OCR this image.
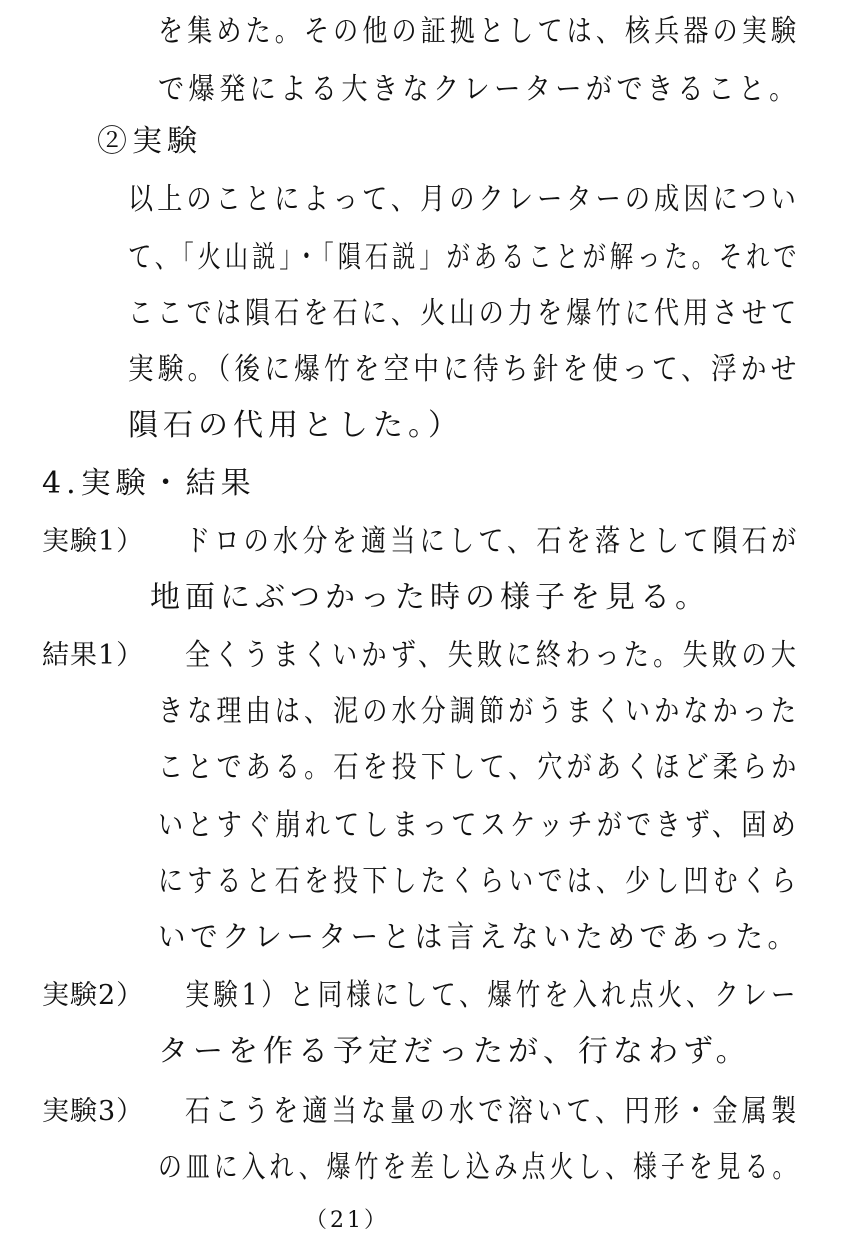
を集めた。その他の証拠としては、核兵器の実験
で爆発による大きなクレーターができること。
②実験
以上のことによって、月のクレーターの成因につい
て、「火山説」・「隕石説」があることが解った。それで
ここでは隕石を石に、火山の力を爆竹に代用させて
実験。（後に爆竹を空中に待ち針を使って、浮かせ
隕石の代用とした。）
4.実験・結果
実験1） ドロの水分を適当にして、石を落として隕石が
地面にぶつかった時の様子を見る。
結果1） 全くうまくいかず、失敗に終わった。失敗の大
きな理由は、泥の水分調節がうまくいかなかった
ことである。石を投下して、穴があくほど柔らか
いとすぐ崩れてしまってスケッチができず、固め
にすると石を投下したくらいでは、少し凹むくら
いでクレーターとは言えないためであった。
実験2） 実験1）と同様にして、爆竹を入れ点火、クレー
ターを作る予定だったが、行なわず。
実験3） 石こうを適当な量の水で溶いて、円形・金属製
の皿に入れ、爆竹を差し込み点火し、様子を見る。
（21）
